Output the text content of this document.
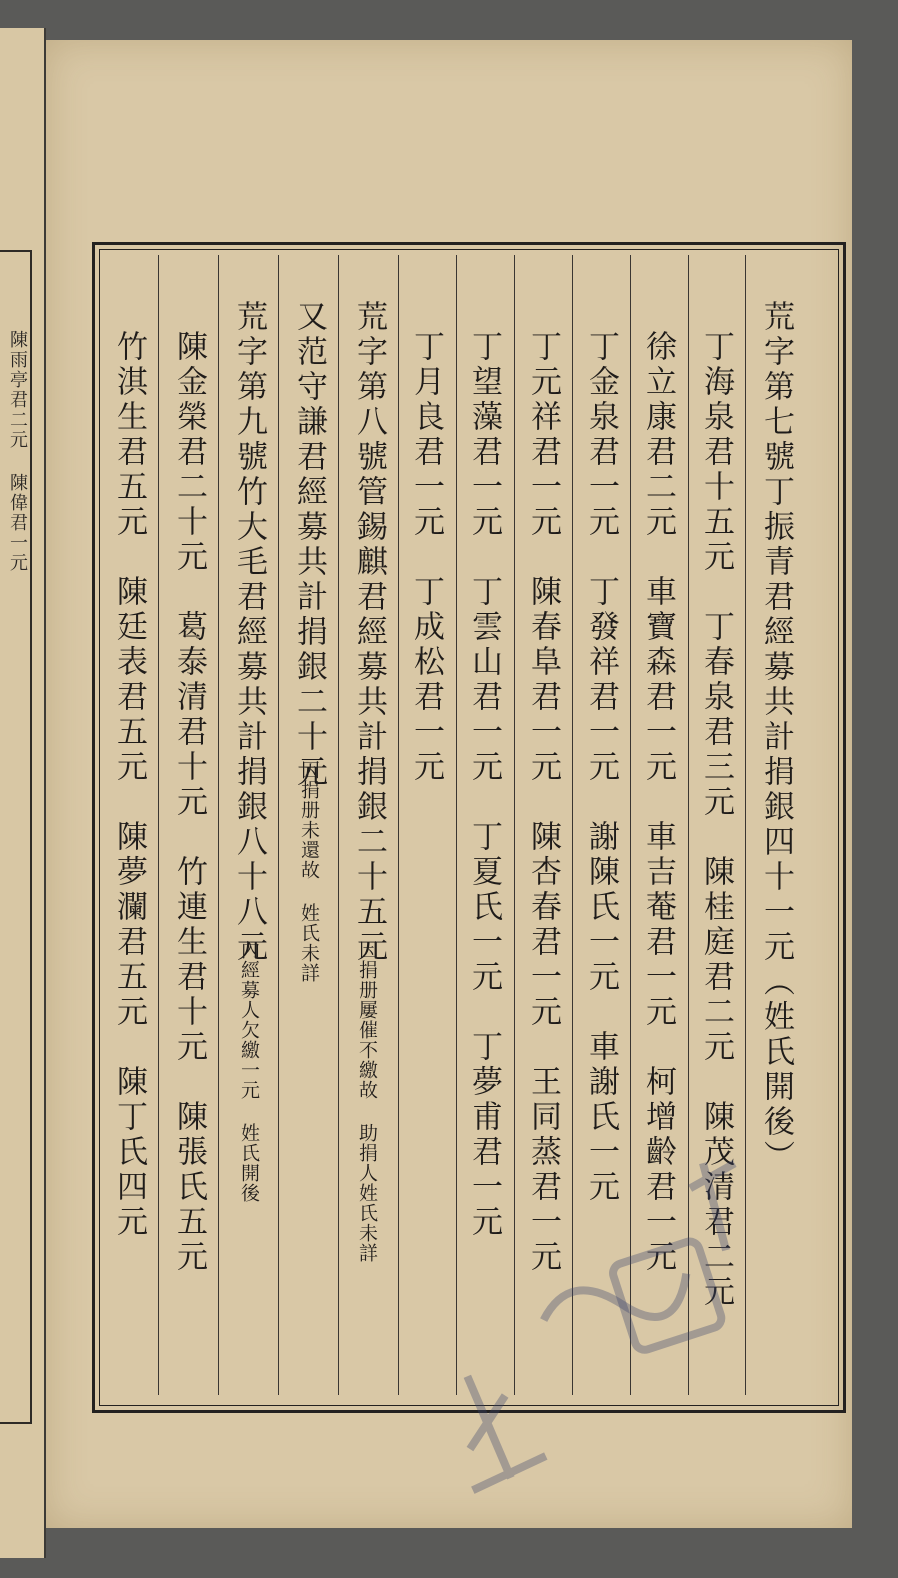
陳雨亭君二元 陳偉君一元	荒字第七號丁振青君經募共計捐銀四十一元（姓氏開後）
丁海泉君十五元　丁春泉君三元　陳桂庭君二元　陳茂清君二元
徐立康君二元　車寶森君一元　車吉菴君一元　柯增齡君一元
丁金泉君一元　丁發祥君一元　謝陳氏一元　車謝氏一元
丁元祥君一元　陳春阜君一元　陳杏春君一元　王同蒸君一元
丁望藻君一元　丁雲山君一元　丁夏氏一元　丁夢甫君一元
丁月良君一元　丁成松君一元
荒字第八號管錫麒君經募共計捐銀二十五元
因捐册屢催不繳故 助捐人姓氏未詳
又范守謙君經募共計捐銀二十元
因捐册未還故 姓氏未詳
荒字第九號竹大毛君經募共計捐銀八十八元
內經募人欠繳一元 姓氏開後
陳金榮君二十元　葛泰清君十元　竹連生君十元　陳張氏五元
竹淇生君五元　陳廷表君五元　陳夢瀾君五元　陳丁氏四元
